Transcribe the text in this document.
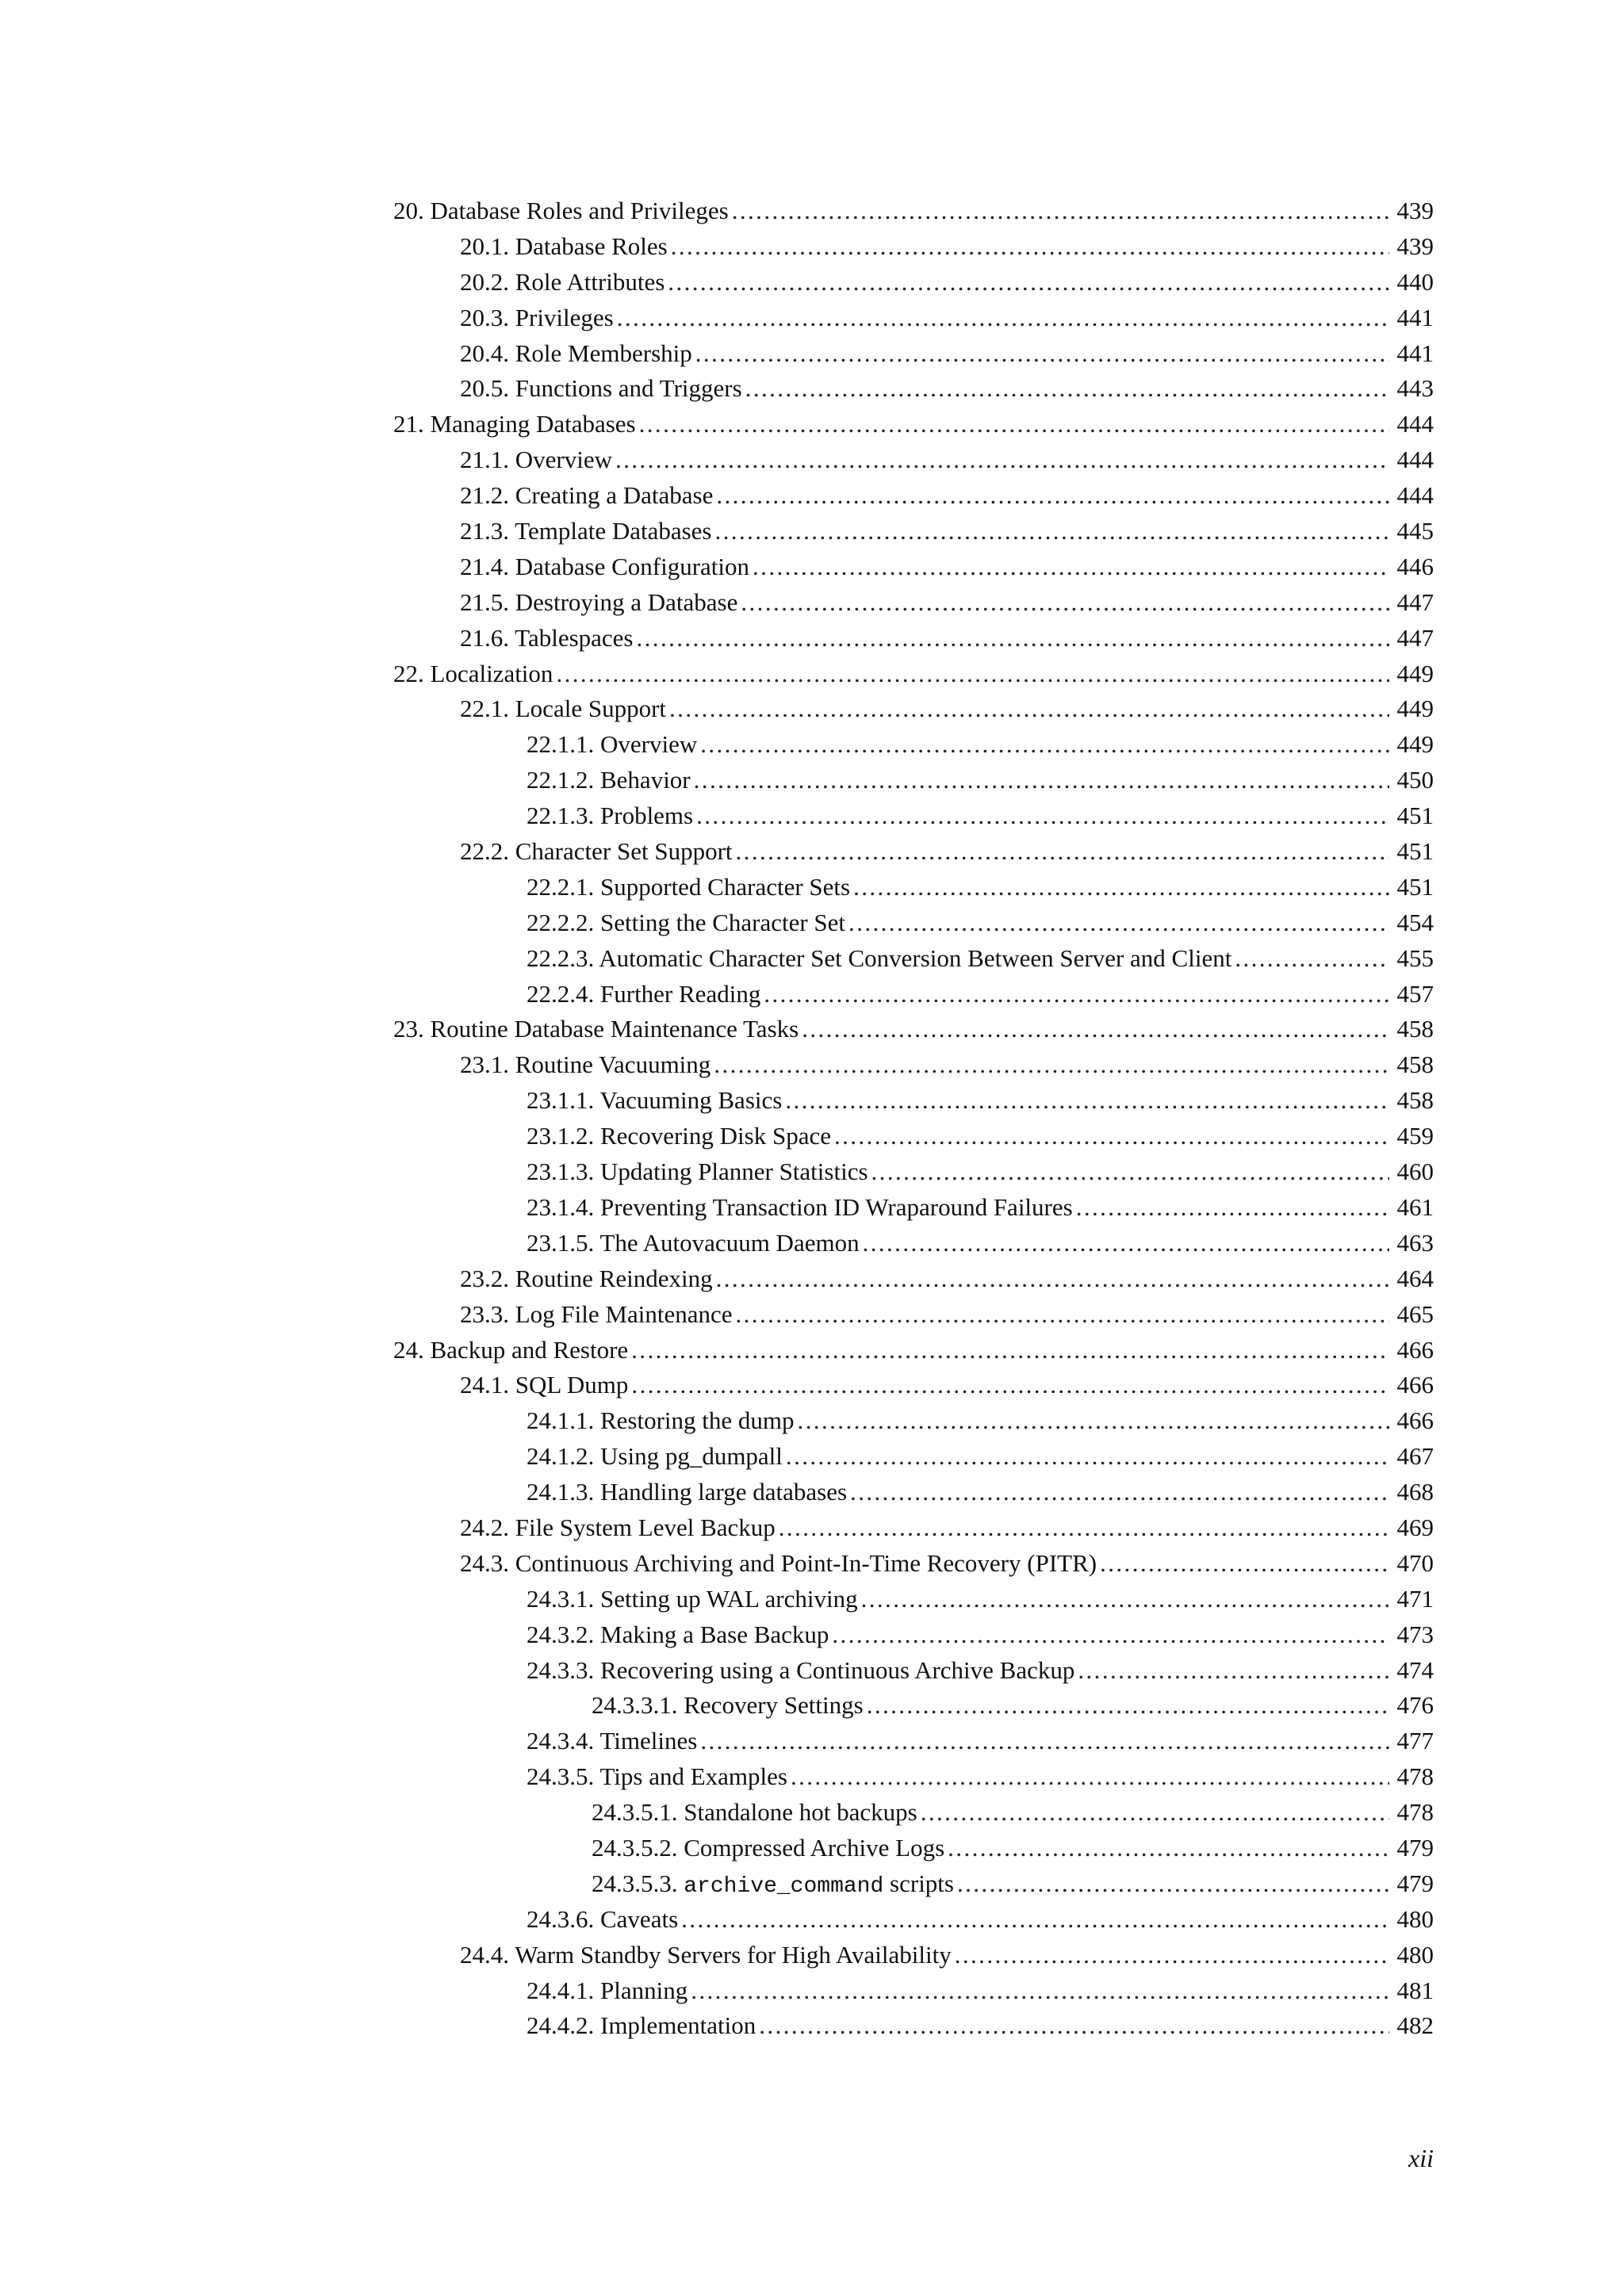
20. Database Roles and Privileges .....	439
20.1. Database Roles .....	439
20.2. Role Attributes .....	440
20.3. Privileges .....	441
20.4. Role Membership .....	441
20.5. Functions and Triggers .....	443
21. Managing Databases .....	444
21.1. Overview .....	444
21.2. Creating a Database .....	444
21.3. Template Databases .....	445
21.4. Database Configuration .....	446
21.5. Destroying a Database .....	447
21.6. Tablespaces .....	447
22. Localization .....	449
22.1. Locale Support .....	449
22.1.1. Overview .....	449
22.1.2. Behavior .....	450
22.1.3. Problems .....	451
22.2. Character Set Support .....	451
22.2.1. Supported Character Sets .....	451
22.2.2. Setting the Character Set .....	454
22.2.3. Automatic Character Set Conversion Between Server and Client .....	455
22.2.4. Further Reading .....	457
23. Routine Database Maintenance Tasks .....	458
23.1. Routine Vacuuming .....	458
23.1.1. Vacuuming Basics .....	458
23.1.2. Recovering Disk Space .....	459
23.1.3. Updating Planner Statistics .....	460
23.1.4. Preventing Transaction ID Wraparound Failures .....	461
23.1.5. The Autovacuum Daemon .....	463
23.2. Routine Reindexing .....	464
23.3. Log File Maintenance .....	465
24. Backup and Restore .....	466
24.1. SQL Dump .....	466
24.1.1. Restoring the dump .....	466
24.1.2. Using pg_dumpall .....	467
24.1.3. Handling large databases .....	468
24.2. File System Level Backup .....	469
24.3. Continuous Archiving and Point-In-Time Recovery (PITR) .....	470
24.3.1. Setting up WAL archiving .....	471
24.3.2. Making a Base Backup .....	473
24.3.3. Recovering using a Continuous Archive Backup .....	474
24.3.3.1. Recovery Settings .....	476
24.3.4. Timelines .....	477
24.3.5. Tips and Examples .....	478
24.3.5.1. Standalone hot backups .....	478
24.3.5.2. Compressed Archive Logs .....	479
24.3.5.3. archive_command scripts .....	479
24.3.6. Caveats .....	480
24.4. Warm Standby Servers for High Availability .....	480
24.4.1. Planning .....	481
24.4.2. Implementation .....	482
xii
